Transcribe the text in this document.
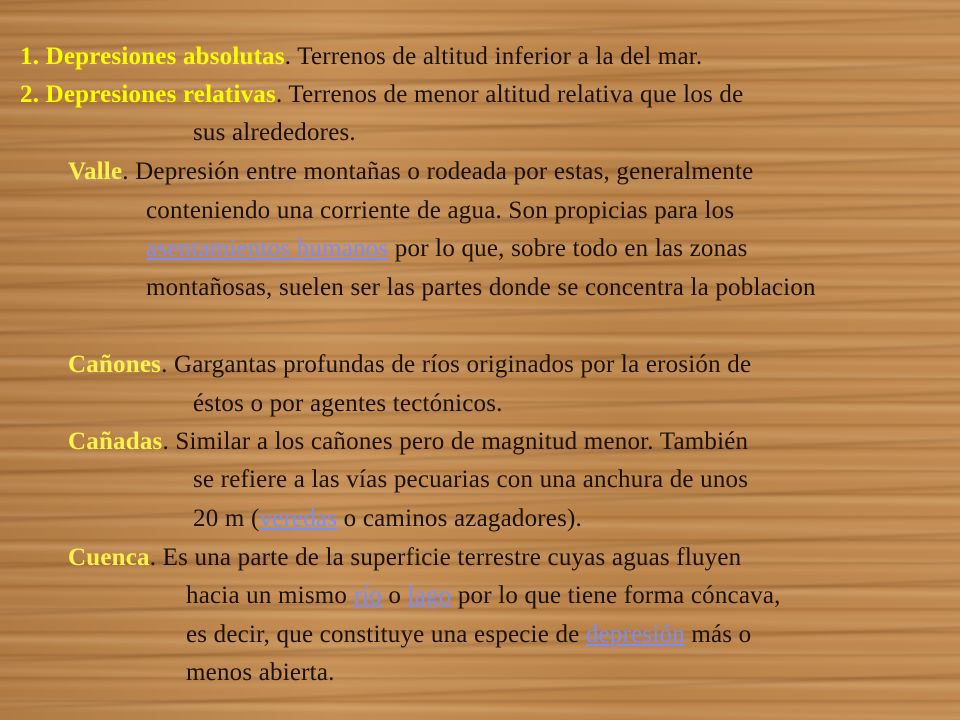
1. Depresiones absolutas. Terrenos de altitud inferior a la del mar.
2. Depresiones relativas. Terrenos de menor altitud relativa que los de
sus alrededores.
Valle. Depresión entre montañas o rodeada por estas, generalmente
conteniendo una corriente de agua. Son propicias para los
asentamientos humanos por lo que, sobre todo en las zonas
montañosas, suelen ser las partes donde se concentra la poblacion
Cañones. Gargantas profundas de ríos originados por la erosión de
éstos o por agentes tectónicos.
Cañadas. Similar a los cañones pero de magnitud menor. También
se refiere a las vías pecuarias con una anchura de unos
20 m (veredas o caminos azagadores).
Cuenca. Es una parte de la superficie terrestre cuyas aguas fluyen
hacia un mismo río o lago por lo que tiene forma cóncava,
es decir, que constituye una especie de depresión más o
menos abierta.
